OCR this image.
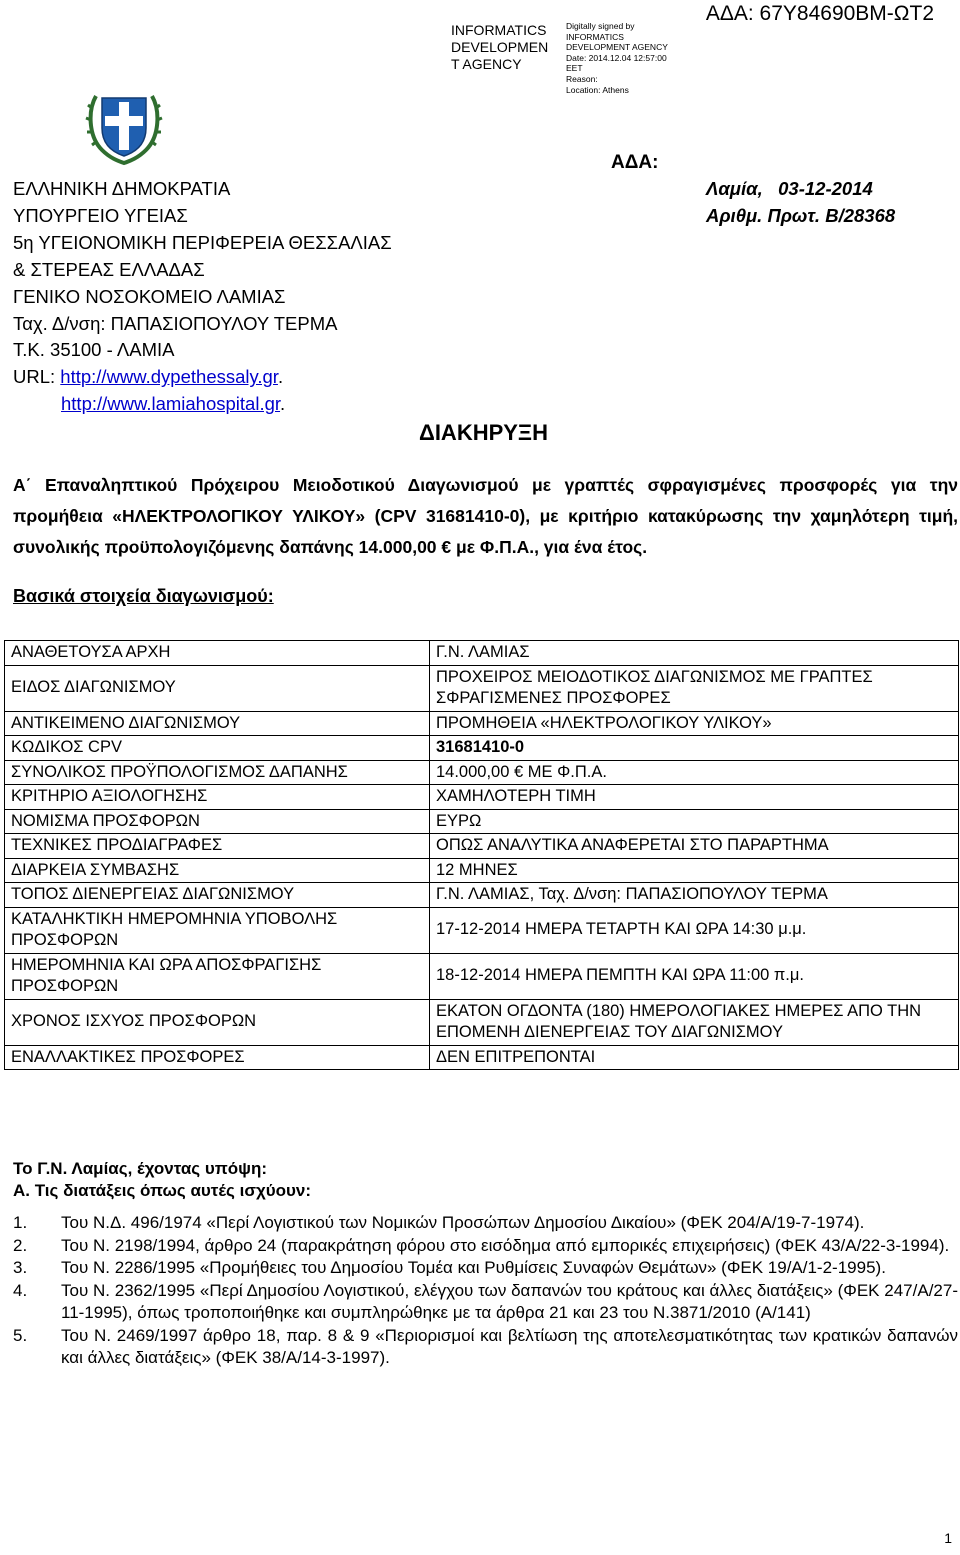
INFORMATICS
DEVELOPMEN
T AGENCY
Digitally signed by
INFORMATICS
DEVELOPMENT AGENCY
Date: 2014.12.04 12:57:00
EET
Reason:
Location: Athens
ΑΔΑ: 67Υ84690ΒΜ-ΩΤ2
ΕΛΛΗΝΙΚΗ ΔΗΜΟΚΡΑΤΙΑ
ΥΠΟΥΡΓΕΙΟ ΥΓΕΙΑΣ
5η ΥΓΕΙΟΝΟΜΙΚΗ ΠΕΡΙΦΕΡΕΙΑ ΘΕΣΣΑΛΙΑΣ
& ΣΤΕΡΕΑΣ ΕΛΛΑΔΑΣ
ΓΕΝΙΚΟ ΝΟΣΟΚΟΜΕΙΟ ΛΑΜΙΑΣ
Ταχ. Δ/νση: ΠΑΠΑΣΙΟΠΟΥΛΟΥ ΤΕΡΜΑ
Τ.Κ. 35100 - ΛΑΜΙΑ
URL: http://www.dypethessaly.gr.
http://www.lamiahospital.gr.
ΑΔΑ:
Λαμία,   03-12-2014
Αριθμ. Πρωτ. Β/28368
ΔΙΑΚΗΡΥΞΗ
Α΄ Επαναληπτικού Πρόχειρου Μειοδοτικού Διαγωνισμού με γραπτές σφραγισμένες προσφορές για την προμήθεια «ΗΛΕΚΤΡΟΛΟΓΙΚΟΥ ΥΛΙΚΟΥ» (CPV 31681410-0), με κριτήριο κατακύρωσης την χαμηλότερη τιμή, συνολικής προϋπολογιζόμενης δαπάνης 14.000,00 € με Φ.Π.Α., για ένα έτος.
Βασικά στοιχεία διαγωνισμού:
ΑΝΑΘΕΤΟΥΣΑ ΑΡΧΗ	Γ.Ν. ΛΑΜΙΑΣ
ΕΙΔΟΣ ΔΙΑΓΩΝΙΣΜΟΥ	ΠΡΟΧΕΙΡΟΣ ΜΕΙΟΔΟΤΙΚΟΣ ΔΙΑΓΩΝΙΣΜΟΣ ΜΕ ΓΡΑΠΤΕΣ ΣΦΡΑΓΙΣΜΕΝΕΣ ΠΡΟΣΦΟΡΕΣ
ΑΝΤΙΚΕΙΜΕΝΟ ΔΙΑΓΩΝΙΣΜΟΥ	ΠΡΟΜΗΘΕΙΑ «ΗΛΕΚΤΡΟΛΟΓΙΚΟΥ ΥΛΙΚΟΥ»
ΚΩΔΙΚΟΣ CPV	31681410-0
ΣΥΝΟΛΙΚΟΣ ΠΡΟΫΠΟΛΟΓΙΣΜΟΣ ΔΑΠΑΝΗΣ	14.000,00 € ΜΕ Φ.Π.Α.
ΚΡΙΤΗΡΙΟ ΑΞΙΟΛΟΓΗΣΗΣ	ΧΑΜΗΛΟΤΕΡΗ ΤΙΜΗ
ΝΟΜΙΣΜΑ ΠΡΟΣΦΟΡΩΝ	ΕΥΡΩ
ΤΕΧΝΙΚΕΣ ΠΡΟΔΙΑΓΡΑΦΕΣ	ΟΠΩΣ ΑΝΑΛΥΤΙΚΑ ΑΝΑΦΕΡΕΤΑΙ ΣΤΟ ΠΑΡΑΡΤΗΜΑ
ΔΙΑΡΚΕΙΑ ΣΥΜΒΑΣΗΣ	12 ΜΗΝΕΣ
ΤΟΠΟΣ ΔΙΕΝΕΡΓΕΙΑΣ ΔΙΑΓΩΝΙΣΜΟΥ	Γ.Ν. ΛΑΜΙΑΣ, Ταχ. Δ/νση: ΠΑΠΑΣΙΟΠΟΥΛΟΥ ΤΕΡΜΑ
ΚΑΤΑΛΗΚΤΙΚΗ ΗΜΕΡΟΜΗΝΙΑ ΥΠΟΒΟΛΗΣ ΠΡΟΣΦΟΡΩΝ	17-12-2014 ΗΜΕΡΑ ΤΕΤΑΡΤΗ ΚΑΙ ΩΡΑ 14:30 μ.μ.
ΗΜΕΡΟΜΗΝΙΑ ΚΑΙ ΩΡΑ ΑΠΟΣΦΡΑΓΙΣΗΣ ΠΡΟΣΦΟΡΩΝ	18-12-2014 ΗΜΕΡΑ ΠΕΜΠΤΗ ΚΑΙ ΩΡΑ 11:00 π.μ.
ΧΡΟΝΟΣ ΙΣΧΥΟΣ ΠΡΟΣΦΟΡΩΝ	ΕΚΑΤΟΝ ΟΓΔΟΝΤΑ (180) ΗΜΕΡΟΛΟΓΙΑΚΕΣ ΗΜΕΡΕΣ ΑΠΟ ΤΗΝ ΕΠΟΜΕΝΗ ΔΙΕΝΕΡΓΕΙΑΣ ΤΟΥ ΔΙΑΓΩΝΙΣΜΟΥ
ΕΝΑΛΛΑΚΤΙΚΕΣ ΠΡΟΣΦΟΡΕΣ	ΔΕΝ ΕΠΙΤΡΕΠΟΝΤΑΙ
Το Γ.Ν. Λαμίας, έχοντας υπόψη:
Α. Τις διατάξεις όπως αυτές ισχύουν:
1. Του Ν.Δ. 496/1974 «Περί Λογιστικού των Νομικών Προσώπων Δημοσίου Δικαίου» (ΦΕΚ 204/Α/19-7-1974).
2. Του Ν. 2198/1994, άρθρο 24 (παρακράτηση φόρου στο εισόδημα από εμπορικές επιχειρήσεις) (ΦΕΚ 43/Α/22-3-1994).
3. Του Ν. 2286/1995 «Προμήθειες του Δημοσίου Τομέα και Ρυθμίσεις Συναφών Θεμάτων» (ΦΕΚ 19/Α/1-2-1995).
4. Του Ν. 2362/1995 «Περί Δημοσίου Λογιστικού, ελέγχου των δαπανών του κράτους και άλλες διατάξεις» (ΦΕΚ 247/Α/27-11-1995), όπως τροποποιήθηκε και συμπληρώθηκε με τα άρθρα 21 και 23 του Ν.3871/2010 (Α/141)
5. Του Ν. 2469/1997 άρθρο 18, παρ. 8 & 9 «Περιορισμοί και βελτίωση της αποτελεσματικότητας των κρατικών δαπανών και άλλες διατάξεις» (ΦΕΚ 38/Α/14-3-1997).
1
